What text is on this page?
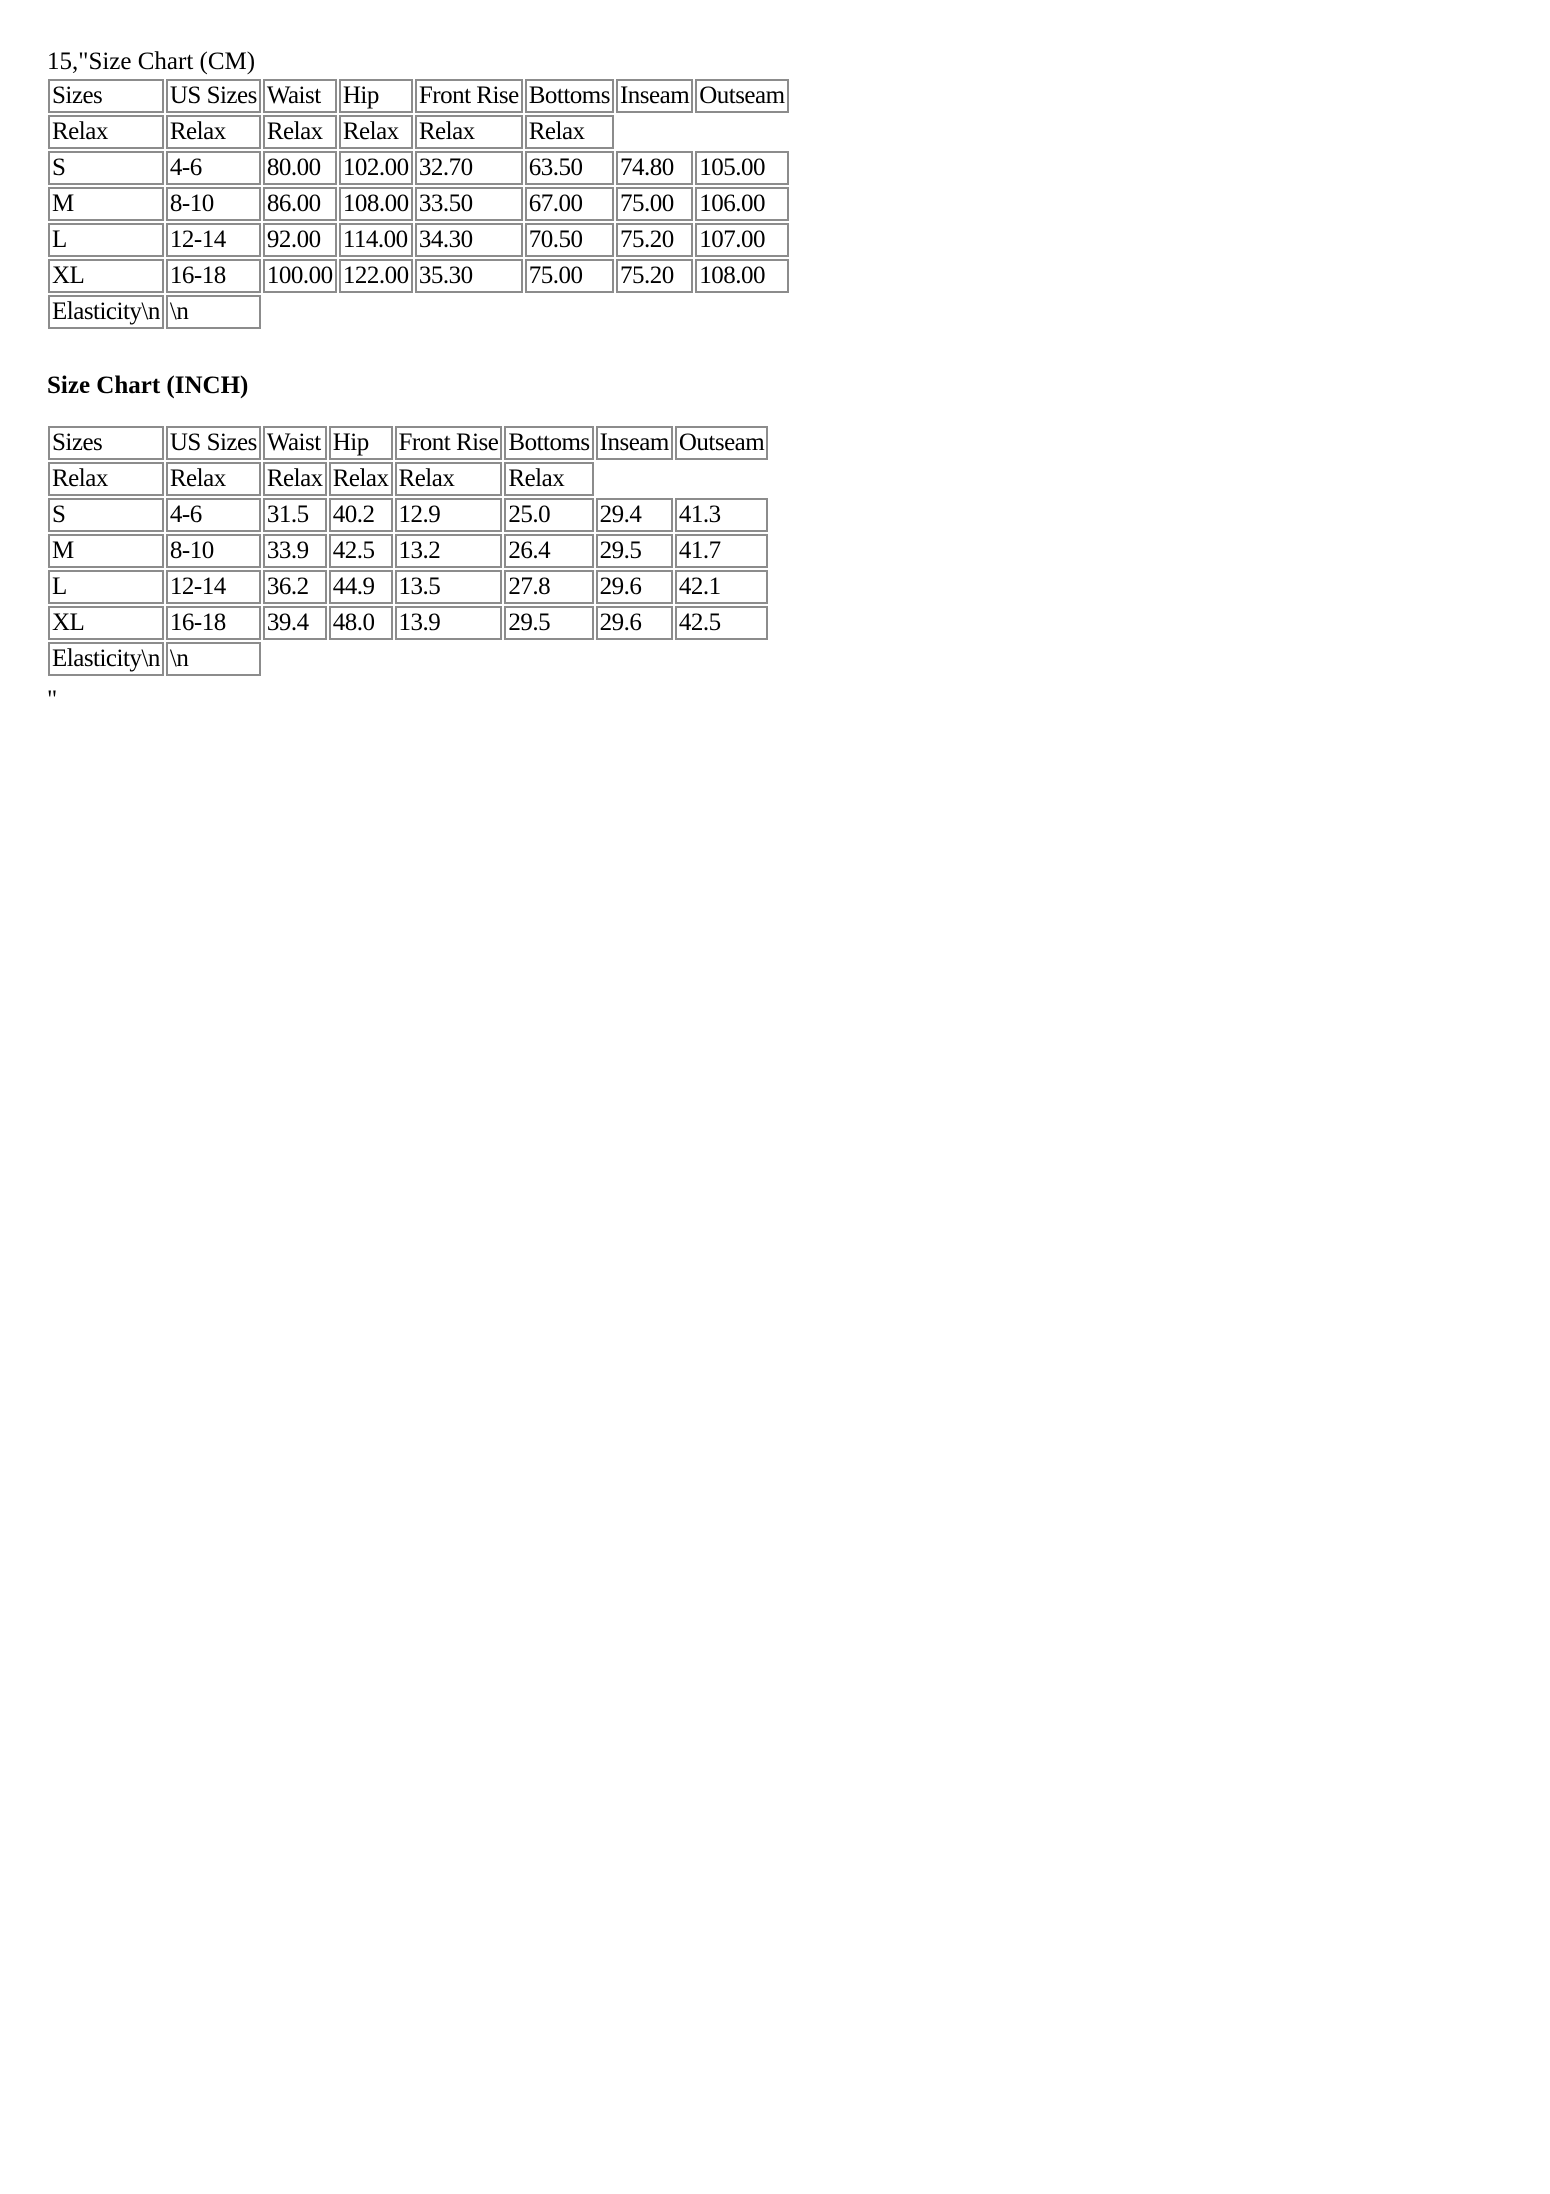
15,"Size Chart (CM)
Sizes	US Sizes	Waist	Hip	Front Rise	Bottoms	Inseam	Outseam
Relax	Relax	Relax	Relax	Relax	Relax		
S	4-6	80.00	102.00	32.70	63.50	74.80	105.00
M	8-10	86.00	108.00	33.50	67.00	75.00	106.00
L	12-14	92.00	114.00	34.30	70.50	75.20	107.00
XL	16-18	100.00	122.00	35.30	75.00	75.20	108.00
Elasticity\n	\n						
Size Chart (INCH)
Sizes	US Sizes	Waist	Hip	Front Rise	Bottoms	Inseam	Outseam
Relax	Relax	Relax	Relax	Relax	Relax		
S	4-6	31.5	40.2	12.9	25.0	29.4	41.3
M	8-10	33.9	42.5	13.2	26.4	29.5	41.7
L	12-14	36.2	44.9	13.5	27.8	29.6	42.1
XL	16-18	39.4	48.0	13.9	29.5	29.6	42.5
Elasticity\n	\n						
"
